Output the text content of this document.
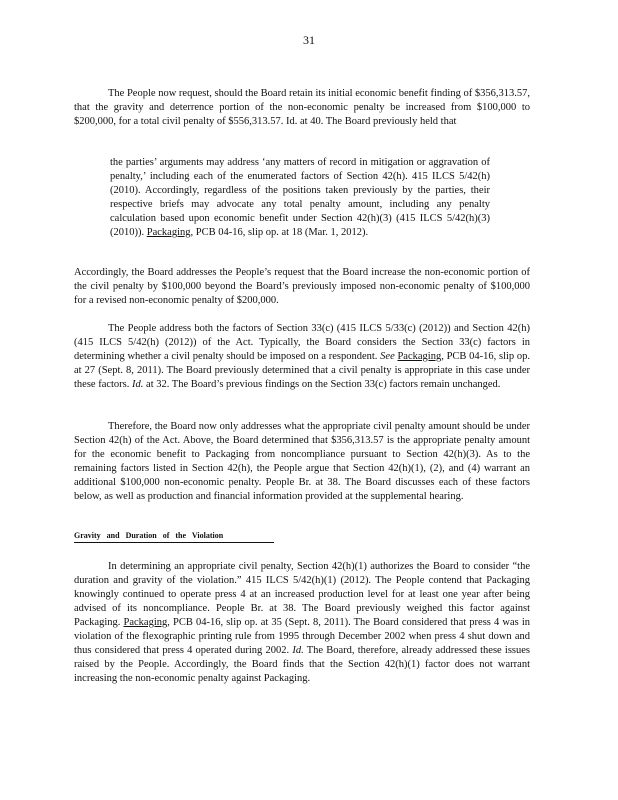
31

The People now request, should the Board retain its initial economic benefit finding of $356,313.57, that the gravity and deterrence portion of the non-economic penalty be increased from $100,000 to $200,000, for a total civil penalty of $556,313.57. Id. at 40. The Board previously held that

the parties’ arguments may address ‘any matters of record in mitigation or aggravation of penalty,’ including each of the enumerated factors of Section 42(h). 415 ILCS 5/42(h) (2010). Accordingly, regardless of the positions taken previously by the parties, their respective briefs may advocate any total penalty amount, including any penalty calculation based upon economic benefit under Section 42(h)(3) (415 ILCS 5/42(h)(3) (2010)). Packaging, PCB 04-16, slip op. at 18 (Mar. 1, 2012).

Accordingly, the Board addresses the People’s request that the Board increase the non-economic portion of the civil penalty by $100,000 beyond the Board’s previously imposed non-economic penalty of $100,000 for a revised non-economic penalty of $200,000.

The People address both the factors of Section 33(c) (415 ILCS 5/33(c) (2012)) and Section 42(h) (415 ILCS 5/42(h) (2012)) of the Act. Typically, the Board considers the Section 33(c) factors in determining whether a civil penalty should be imposed on a respondent. See Packaging, PCB 04-16, slip op. at 27 (Sept. 8, 2011). The Board previously determined that a civil penalty is appropriate in this case under these factors. Id. at 32. The Board’s previous findings on the Section 33(c) factors remain unchanged.

Therefore, the Board now only addresses what the appropriate civil penalty amount should be under Section 42(h) of the Act. Above, the Board determined that $356,313.57 is the appropriate penalty amount for the economic benefit to Packaging from noncompliance pursuant to Section 42(h)(3). As to the remaining factors listed in Section 42(h), the People argue that Section 42(h)(1), (2), and (4) warrant an additional $100,000 non-economic penalty. People Br. at 38. The Board discusses each of these factors below, as well as production and financial information provided at the supplemental hearing.

Gravity and Duration of the Violation

In determining an appropriate civil penalty, Section 42(h)(1) authorizes the Board to consider “the duration and gravity of the violation.” 415 ILCS 5/42(h)(1) (2012). The People contend that Packaging knowingly continued to operate press 4 at an increased production level for at least one year after being advised of its noncompliance. People Br. at 38. The Board previously weighed this factor against Packaging. Packaging, PCB 04-16, slip op. at 35 (Sept. 8, 2011). The Board considered that press 4 was in violation of the flexographic printing rule from 1995 through December 2002 when press 4 shut down and thus considered that press 4 operated during 2002. Id. The Board, therefore, already addressed these issues raised by the People. Accordingly, the Board finds that the Section 42(h)(1) factor does not warrant increasing the non-economic penalty against Packaging.
